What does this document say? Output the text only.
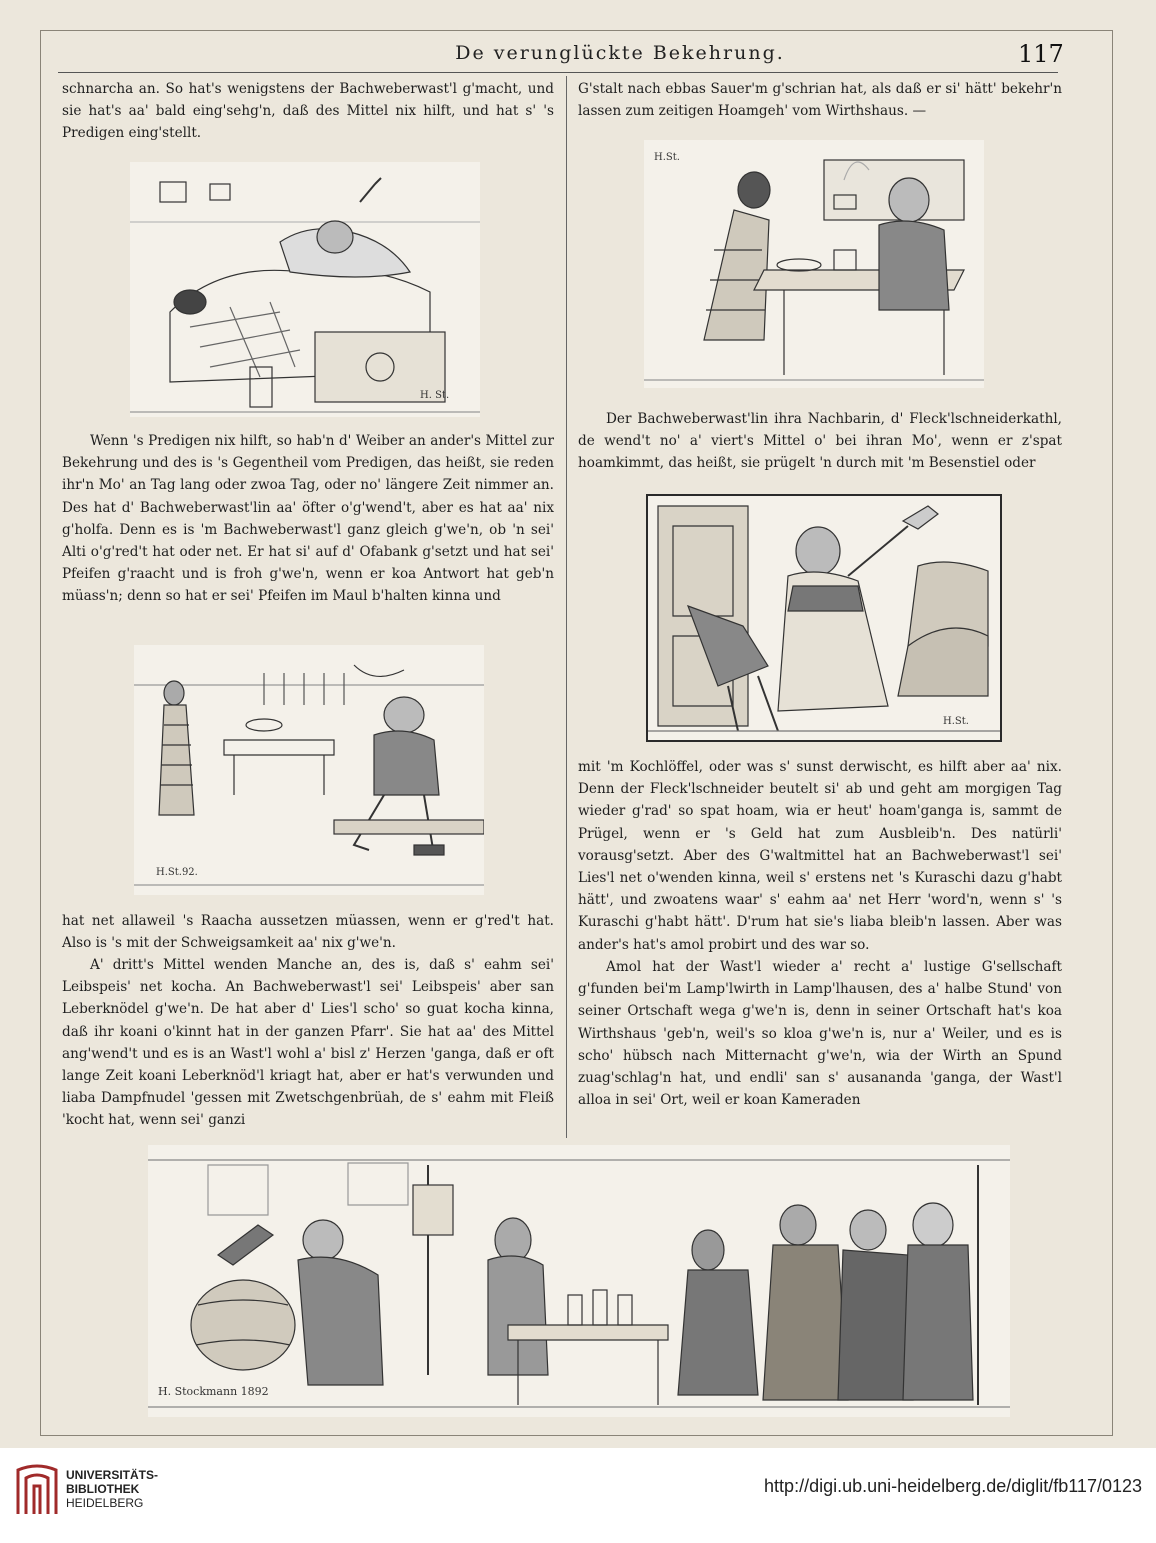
De verunglückte Bekehrung.	117

schnarcha an. So hat's wenigstens der Bachweberwast'l g'macht, und sie hat's aa' bald eing'sehg'n, daß des Mittel nix hilft, und hat s' 's Predigen eing'stellt.

H. St.

Wenn 's Predigen nix hilft, so hab'n d' Weiber an ander's Mittel zur Bekehrung und des is 's Gegentheil vom Predigen, das heißt, sie reden ihr'n Mo' an Tag lang oder zwoa Tag, oder no' längere Zeit nimmer an. Des hat d' Bachweberwast'lin aa' öfter o'g'wend't, aber es hat aa' nix g'holfa. Denn es is 'm Bachweberwast'l ganz gleich g'we'n, ob 'n sei' Alti o'g'red't hat oder net. Er hat si' auf d' Ofabank g'setzt und hat sei' Pfeifen g'raacht und is froh g'we'n, wenn er koa Antwort hat geb'n müass'n; denn so hat er sei' Pfeifen im Maul b'halten kinna und

H.St.92.

hat net allaweil 's Raacha aussetzen müassen, wenn er g'red't hat. Also is 's mit der Schweigsamkeit aa' nix g'we'n.

A' dritt's Mittel wenden Manche an, des is, daß s' eahm sei' Leibspeis' net kocha. An Bachweberwast'l sei' Leibspeis' aber san Leberknödel g'we'n. De hat aber d' Lies'l scho' so guat kocha kinna, daß ihr koani o'kinnt hat in der ganzen Pfarr'. Sie hat aa' des Mittel ang'wend't und es is an Wast'l wohl a' bisl z' Herzen 'ganga, daß er oft lange Zeit koani Leberknöd'l kriagt hat, aber er hat's verwunden und liaba Dampfnudel 'gessen mit Zwetschgenbrüah, de s' eahm mit Fleiß 'kocht hat, wenn sei' ganzi

G'stalt nach ebbas Sauer'm g'schrian hat, als daß er si' hätt' bekehr'n lassen zum zeitigen Hoamgeh' vom Wirthshaus. —

H.St.

Der Bachweberwast'lin ihra Nachbarin, d' Fleck'lschneiderkathl, de wend't no' a' viert's Mittel o' bei ihran Mo', wenn er z'spat hoamkimmt, das heißt, sie prügelt 'n durch mit 'm Besenstiel oder

H.St.

mit 'm Kochlöffel, oder was s' sunst derwischt, es hilft aber aa' nix. Denn der Fleck'lschneider beutelt si' ab und geht am morgigen Tag wieder g'rad' so spat hoam, wia er heut' hoam'ganga is, sammt de Prügel, wenn er 's Geld hat zum Ausbleib'n. Des natürli' vorausg'setzt. Aber des G'waltmittel hat an Bachweberwast'l sei' Lies'l net o'wenden kinna, weil s' erstens net 's Kuraschi dazu g'habt hätt', und zwoatens waar' s' eahm aa' net Herr 'word'n, wenn s' 's Kuraschi g'habt hätt'. D'rum hat sie's liaba bleib'n lassen. Aber was ander's hat's amol probirt und des war so.

Amol hat der Wast'l wieder a' recht a' lustige G'sellschaft g'funden bei'm Lamp'lwirth in Lamp'lhausen, des a' halbe Stund' von seiner Ortschaft wega g'we'n is, denn in seiner Ortschaft hat's koa Wirthshaus 'geb'n, weil's so kloa g'we'n is, nur a' Weiler, und es is scho' hübsch nach Mitternacht g'we'n, wia der Wirth an Spund zuag'schlag'n hat, und endli' san s' ausananda 'ganga, der Wast'l alloa in sei' Ort, weil er koan Kameraden

H. Stockmann 1892
UNIVERSITÄTS-
BIBLIOTHEK
HEIDELBERG
http://digi.ub.uni-heidelberg.de/diglit/fb117/0123
